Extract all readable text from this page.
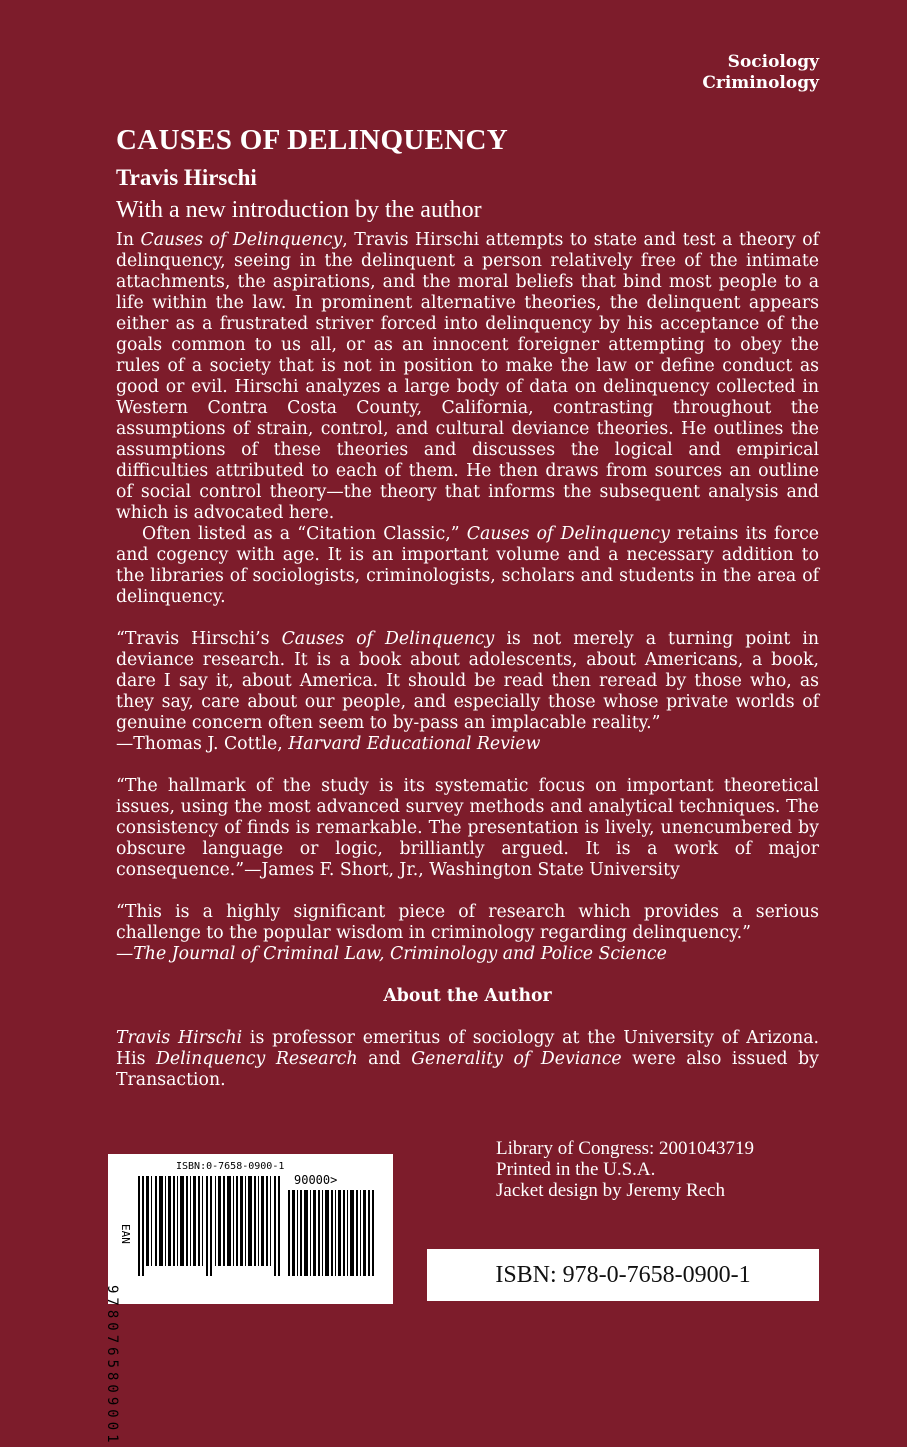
Sociology
Criminology
CAUSES OF DELINQUENCY
Travis Hirschi
With a new introduction by the author

In Causes of Delinquency, Travis Hirschi attempts to state and test a theory of delinquency, seeing in the delinquent a person relatively free of the intimate attachments, the aspirations, and the moral beliefs that bind most people to a life within the law. In prominent alternative theories, the delinquent appears either as a frustrated striver forced into delinquency by his acceptance of the goals common to us all, or as an innocent foreigner attempting to obey the rules of a society that is not in position to make the law or define conduct as good or evil. Hirschi analyzes a large body of data on delinquency collected in Western Contra Costa County, California, contrasting throughout the assumptions of strain, control, and cultural deviance theories. He outlines the assumptions of these theories and discusses the logical and empirical difficulties attributed to each of them. He then draws from sources an outline of social control theory—the theory that informs the subsequent analysis and which is advocated here.

Often listed as a “Citation Classic,” Causes of Delinquency retains its force and cogency with age. It is an important volume and a necessary addition to the libraries of sociologists, criminologists, scholars and students in the area of delinquency.

“Travis Hirschi’s Causes of Delinquency is not merely a turning point in deviance research. It is a book about adolescents, about Americans, a book, dare I say it, about America. It should be read then reread by those who, as they say, care about our people, and especially those whose private worlds of genuine concern often seem to by-pass an implacable reality.”

—Thomas J. Cottle, Harvard Educational Review

“The hallmark of the study is its systematic focus on important theoretical issues, using the most advanced survey methods and analytical techniques. The consistency of finds is remarkable. The presentation is lively, unencumbered by obscure language or logic, brilliantly argued. It is a work of major consequence.”—James F. Short, Jr., Washington State University

“This is a highly significant piece of research which provides a serious challenge to the popular wisdom in criminology regarding delinquency.”

—The Journal of Criminal Law, Criminology and Police Science

About the Author

Travis Hirschi is professor emeritus of sociology at the University of Arizona. His Delinquency Research and Generality of Deviance were also issued by Transaction.

ISBN:0-7658-0900-1
90000>
EAN
9780765809001
Library of Congress: 2001043719
Printed in the U.S.A.
Jacket design by Jeremy Rech
ISBN: 978-0-7658-0900-1
